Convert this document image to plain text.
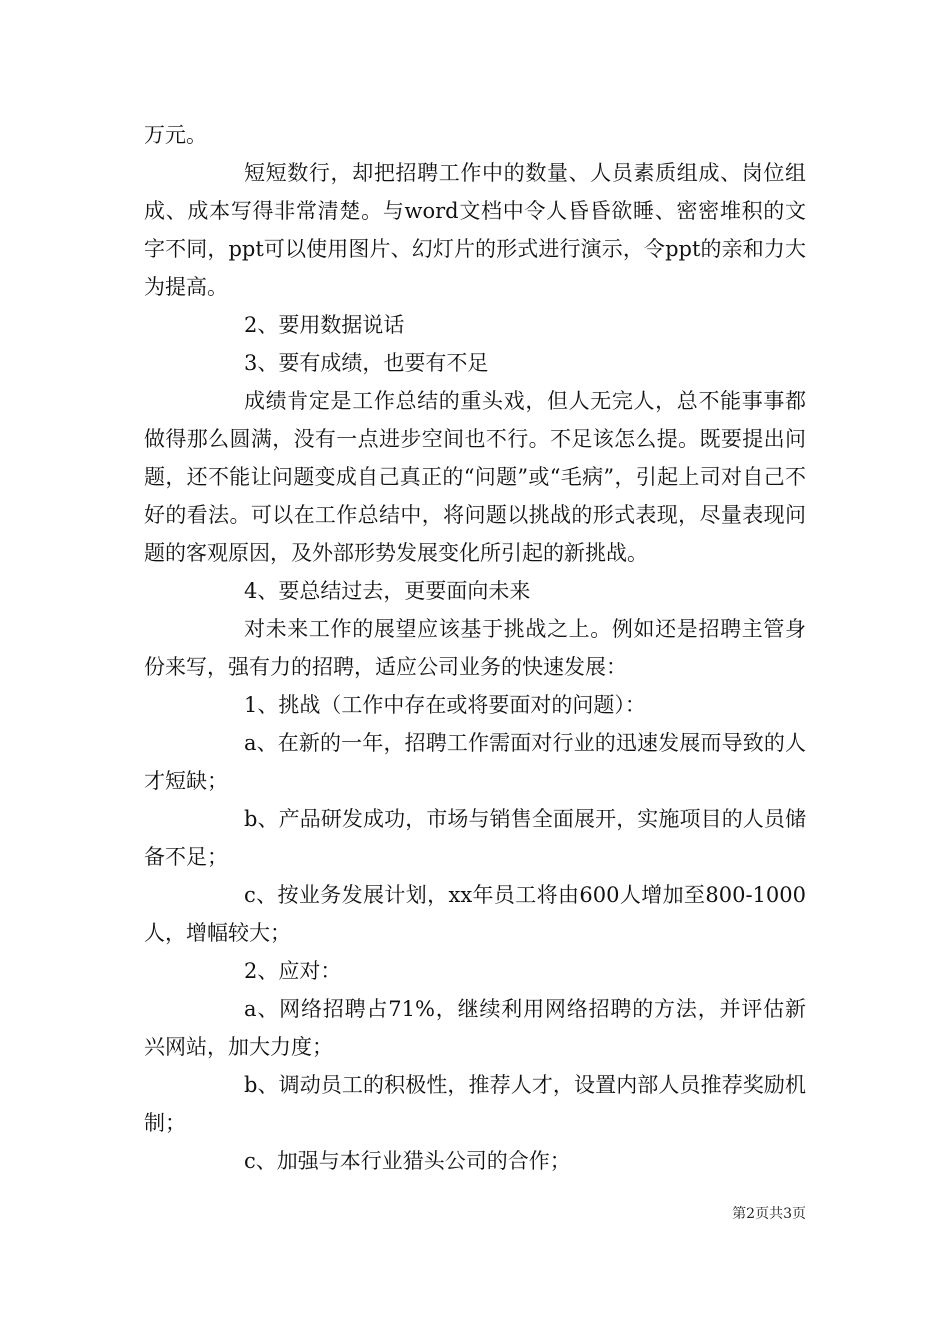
万元。

短短数行，却把招聘工作中的数量、人员素质组成、岗位组成、成本写得非常清楚。与word文档中令人昏昏欲睡、密密堆积的文字不同，ppt可以使用图片、幻灯片的形式进行演示，令ppt的亲和力大为提高。

2、要用数据说话

3、要有成绩，也要有不足

成绩肯定是工作总结的重头戏，但人无完人，总不能事事都做得那么圆满，没有一点进步空间也不行。不足该怎么提。既要提出问题，还不能让问题变成自己真正的“问题”或“毛病”，引起上司对自己不好的看法。可以在工作总结中，将问题以挑战的形式表现，尽量表现问题的客观原因，及外部形势发展变化所引起的新挑战。

4、要总结过去，更要面向未来

对未来工作的展望应该基于挑战之上。例如还是招聘主管身份来写，强有力的招聘，适应公司业务的快速发展：

1、挑战（工作中存在或将要面对的问题）：

a、在新的一年，招聘工作需面对行业的迅速发展而导致的人才短缺；

b、产品研发成功，市场与销售全面展开，实施项目的人员储备不足；

c、按业务发展计划，xx年员工将由600人增加至800-1000人，增幅较大；

2、应对：

a、网络招聘占71%，继续利用网络招聘的方法，并评估新兴网站，加大力度；

b、调动员工的积极性，推荐人才，设置内部人员推荐奖励机制；

c、加强与本行业猎头公司的合作；

第2页共3页
